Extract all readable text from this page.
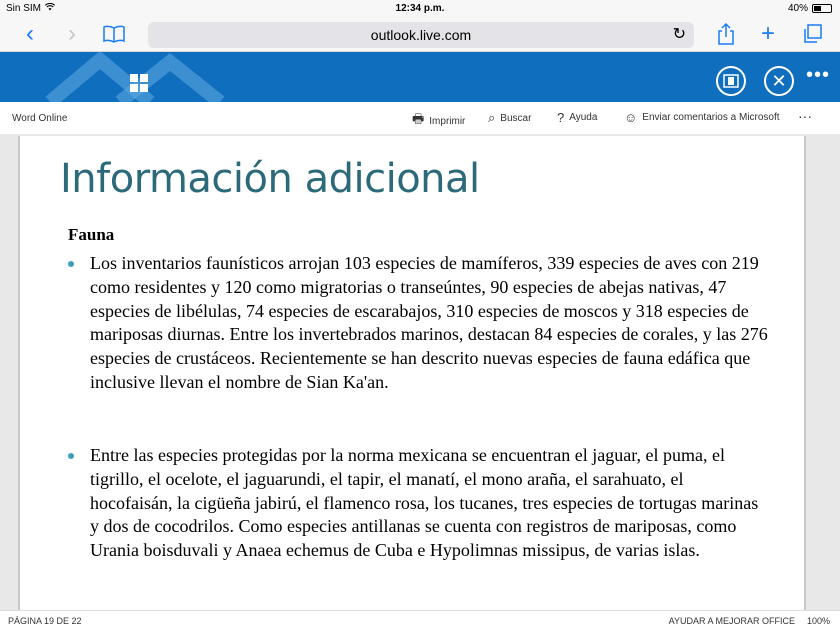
Sin SIM	12:34 p.m.	40%
‹	›	outlook.live.com	↻	+
✕ •••
Word Online	🖶 Imprimir ⌕ Buscar ? Ayuda ☺ Enviar comentarios a Microsoft ···
Información adicional
Fauna
Los inventarios faunísticos arrojan 103 especies de mamíferos, 339 especies de aves con 219 como residentes y 120 como migratorias o transeúntes, 90 especies de abejas nativas, 47 especies de libélulas, 74 especies de escarabajos, 310 especies de moscos y 318 especies de mariposas diurnas. Entre los invertebrados marinos, destacan 84 especies de corales, y las 276 especies de crustáceos. Recientemente se han descrito nuevas especies de fauna edáfica que inclusive llevan el nombre de Sian Ka'an.
Entre las especies protegidas por la norma mexicana se encuentran el jaguar, el puma, el tigrillo, el ocelote, el jaguarundi, el tapir, el manatí, el mono araña, el sarahuato, el hocofaisán, la cigüeña jabirú, el flamenco rosa, los tucanes, tres especies de tortugas marinas y dos de cocodrilos. Como especies antillanas se cuenta con registros de mariposas, como Urania boisduvali y Anaea echemus de Cuba e Hypolimnas missipus, de varias islas.
PÁGINA 19 DE 22	AYUDAR A MEJORAR OFFICE 100%
